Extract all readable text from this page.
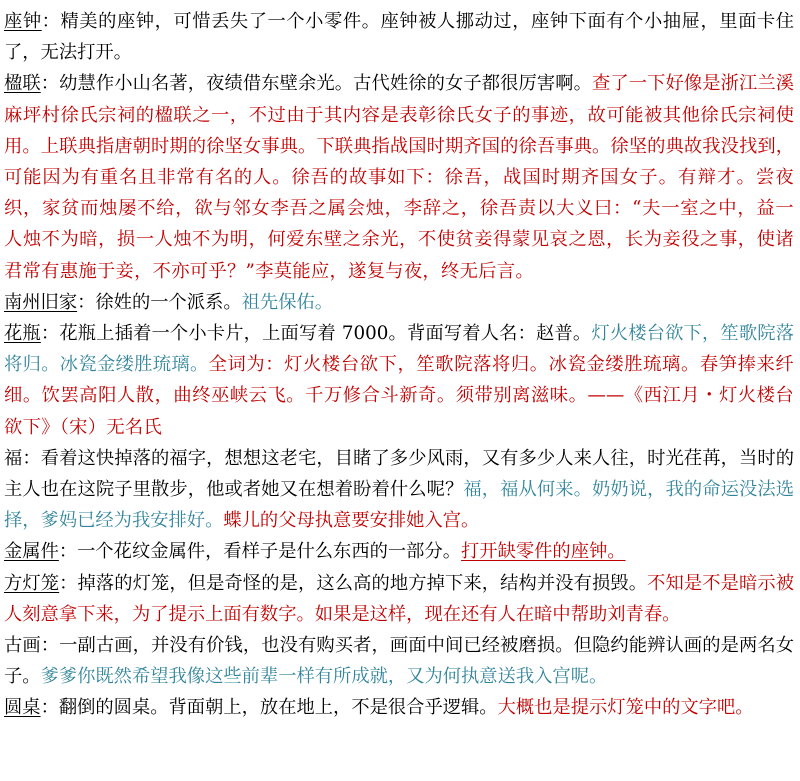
座钟：精美的座钟，可惜丢失了一个小零件。座钟被人挪动过，座钟下面有个小抽屉，里面卡住了，无法打开。

楹联：幼慧作小山名著，夜绩借东壁余光。古代姓徐的女子都很厉害啊。查了一下好像是浙江兰溪麻坪村徐氏宗祠的楹联之一，不过由于其内容是表彰徐氏女子的事迹，故可能被其他徐氏宗祠使用。上联典指唐朝时期的徐坚女事典。下联典指战国时期齐国的徐吾事典。徐坚的典故我没找到，可能因为有重名且非常有名的人。徐吾的故事如下：徐吾，战国时期齐国女子。有辩才。尝夜织，家贫而烛屡不给，欲与邻女李吾之属会烛，李辞之，徐吾责以大义曰：“夫一室之中，益一人烛不为暗，损一人烛不为明，何爱东壁之余光，不使贫妾得蒙见哀之恩，长为妾役之事，使诸君常有惠施于妾，不亦可乎？”李莫能应，遂复与夜，终无后言。

南州旧家：徐姓的一个派系。祖先保佑。

花瓶：花瓶上插着一个小卡片，上面写着 7000。背面写着人名：赵普。灯火楼台欲下，笙歌院落将归。冰瓷金缕胜琉璃。全词为：灯火楼台欲下，笙歌院落将归。冰瓷金缕胜琉璃。春笋捧来纤细。饮罢高阳人散，曲终巫峡云飞。千万修合斗新奇。须带别离滋味。——《西江月・灯火楼台欲下》（宋）无名氏

福：看着这快掉落的福字，想想这老宅，目睹了多少风雨，又有多少人来人往，时光荏苒，当时的主人也在这院子里散步，他或者她又在想着盼着什么呢？福，福从何来。奶奶说，我的命运没法选择，爹妈已经为我安排好。蝶儿的父母执意要安排她入宫。

金属件：一个花纹金属件，看样子是什么东西的一部分。打开缺零件的座钟。

方灯笼：掉落的灯笼，但是奇怪的是，这么高的地方掉下来，结构并没有损毁。不知是不是暗示被人刻意拿下来，为了提示上面有数字。如果是这样，现在还有人在暗中帮助刘青春。

古画：一副古画，并没有价钱，也没有购买者，画面中间已经被磨损。但隐约能辨认画的是两名女子。爹爹你既然希望我像这些前辈一样有所成就，又为何执意送我入宫呢。

圆桌：翻倒的圆桌。背面朝上，放在地上，不是很合乎逻辑。大概也是提示灯笼中的文字吧。
